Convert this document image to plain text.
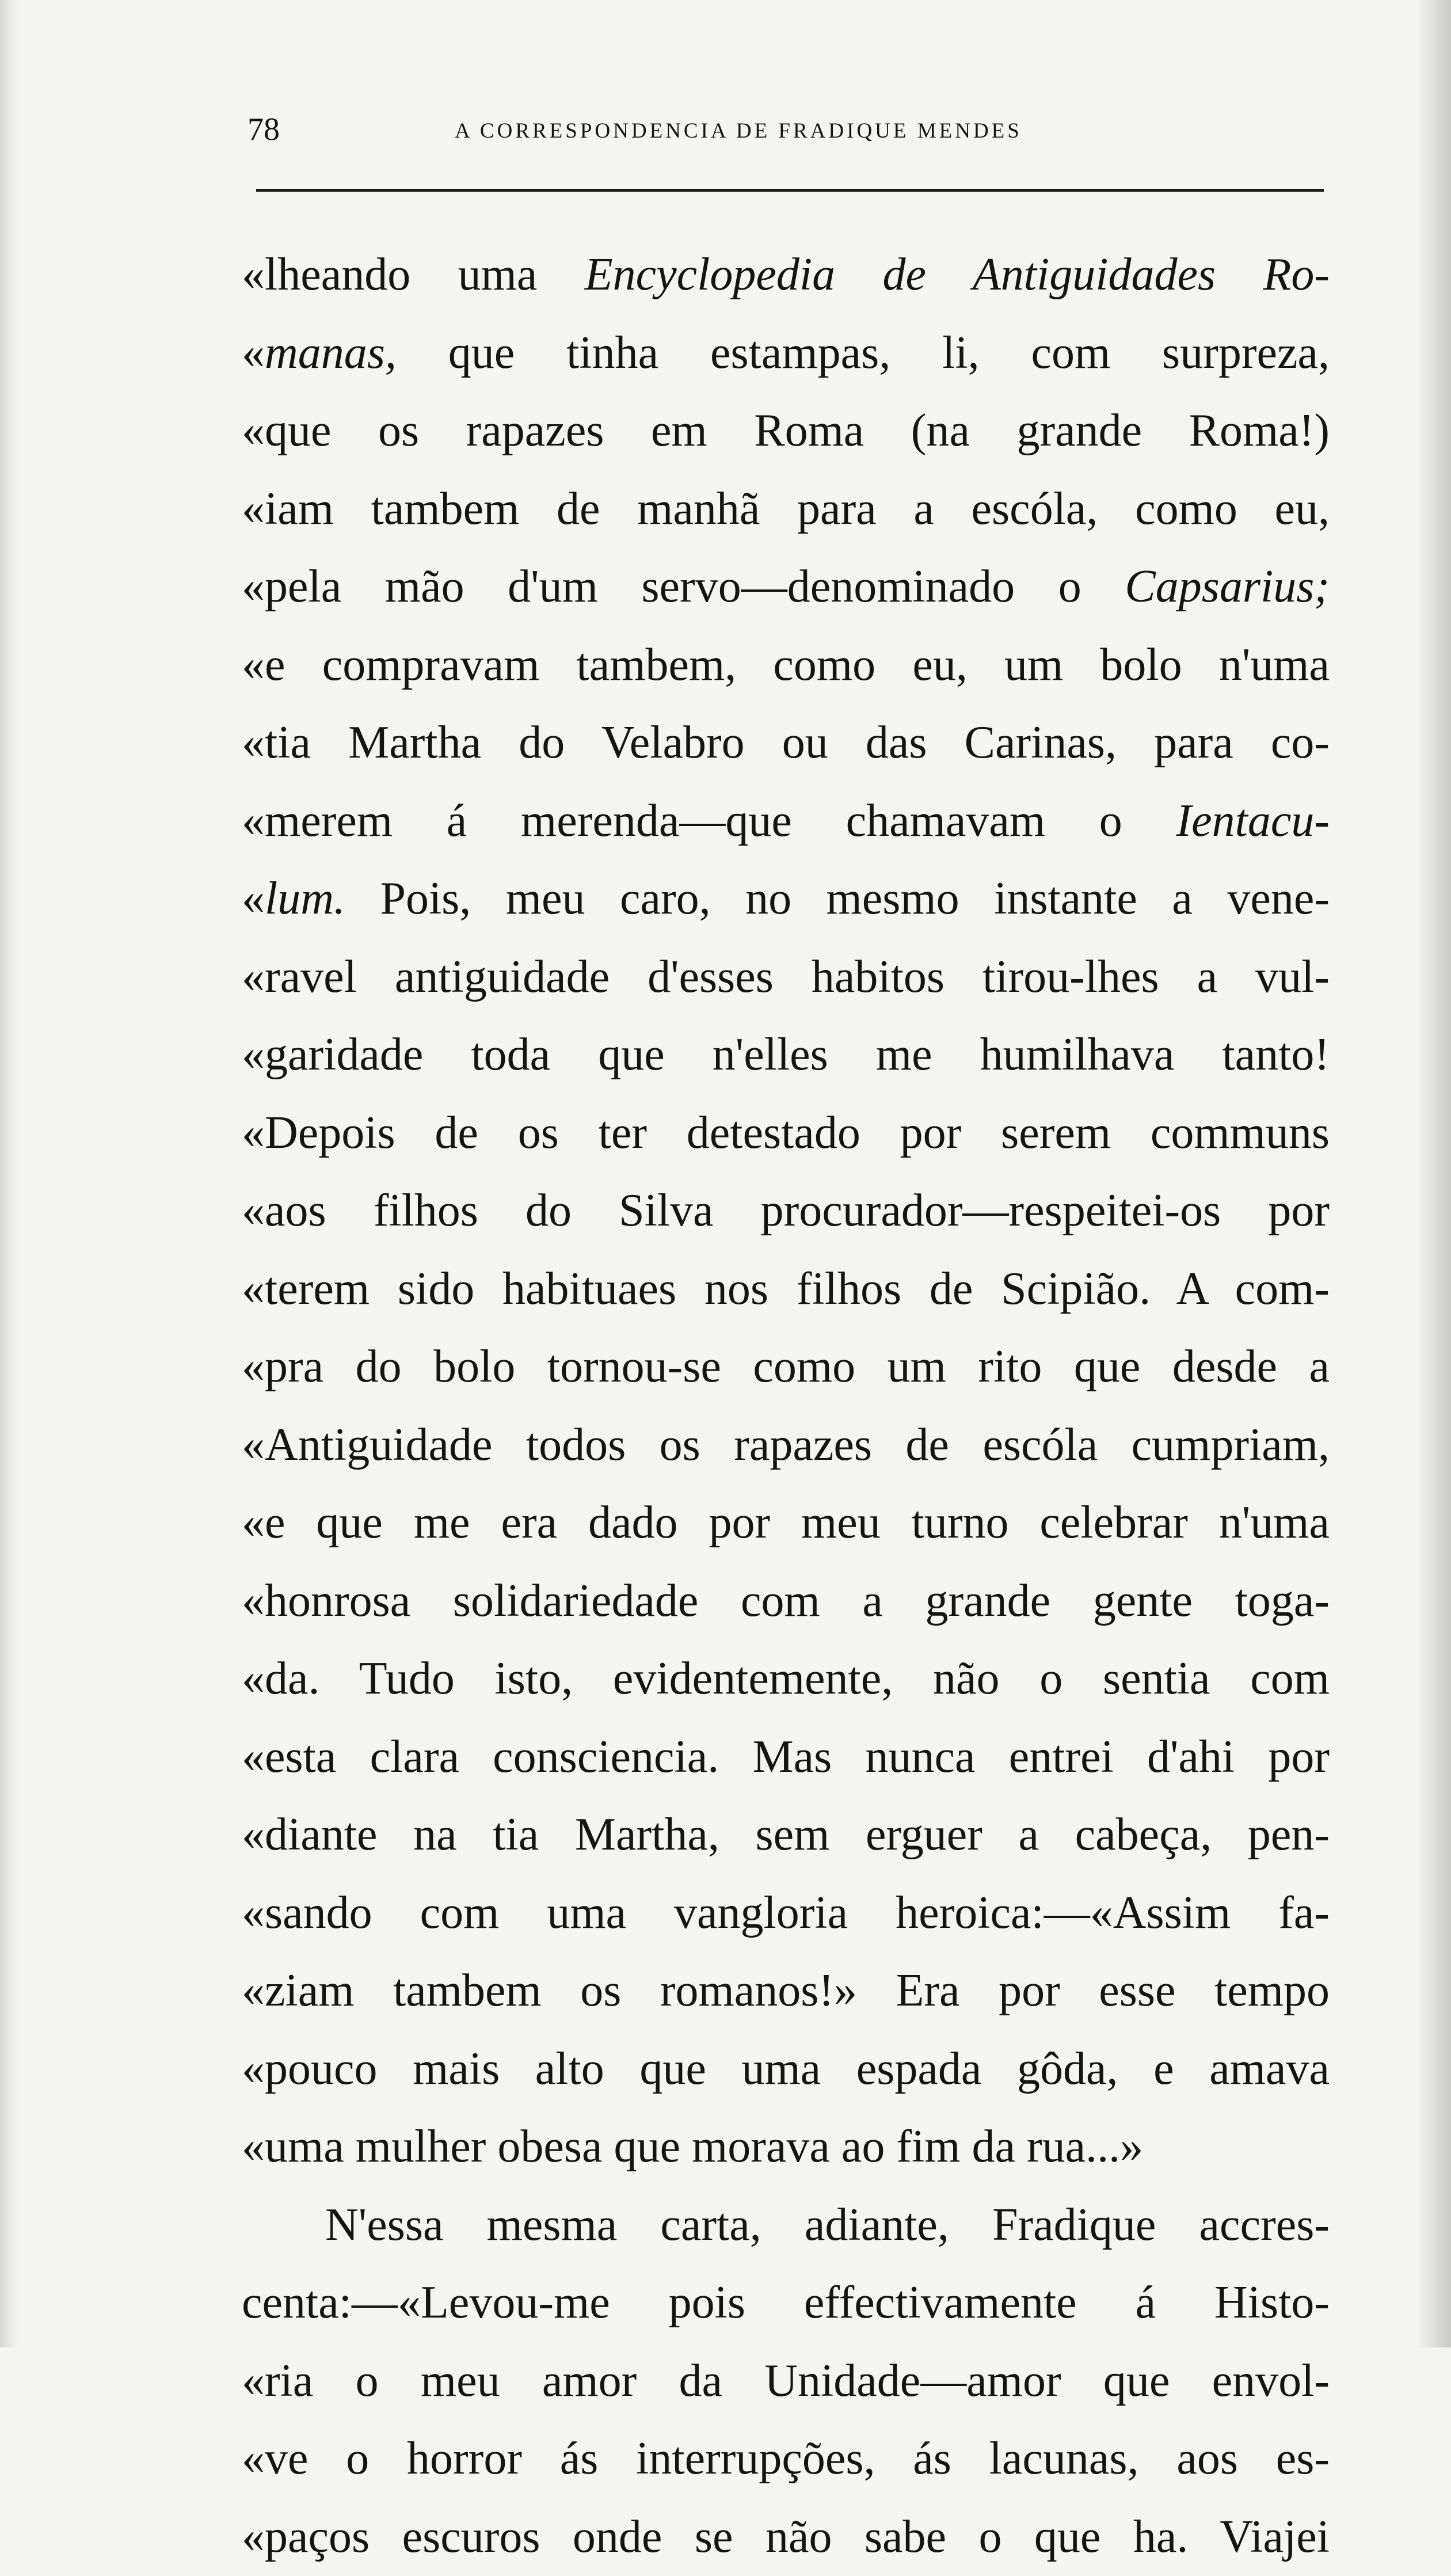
78	A CORRESPONDENCIA DE FRADIQUE MENDES
«lheando uma Encyclopedia de Antiguidades Ro-
«manas, que tinha estampas, li, com surpreza,
«que os rapazes em Roma (na grande Roma!)
«iam tambem de manhã para a escóla, como eu,
«pela mão d'um servo—denominado o Capsarius;
«e compravam tambem, como eu, um bolo n'uma
«tia Martha do Velabro ou das Carinas, para co-
«merem á merenda—que chamavam o Ientacu-
«lum. Pois, meu caro, no mesmo instante a vene-
«ravel antiguidade d'esses habitos tirou-lhes a vul-
«garidade toda que n'elles me humilhava tanto!
«Depois de os ter detestado por serem communs
«aos filhos do Silva procurador—respeitei-os por
«terem sido habituaes nos filhos de Scipião. A com-
«pra do bolo tornou-se como um rito que desde a
«Antiguidade todos os rapazes de escóla cumpriam,
«e que me era dado por meu turno celebrar n'uma
«honrosa solidariedade com a grande gente toga-
«da. Tudo isto, evidentemente, não o sentia com
«esta clara consciencia. Mas nunca entrei d'ahi por
«diante na tia Martha, sem erguer a cabeça, pen-
«sando com uma vangloria heroica:—«Assim fa-
«ziam tambem os romanos!» Era por esse tempo
«pouco mais alto que uma espada gôda, e amava
«uma mulher obesa que morava ao fim da rua...»
N'essa mesma carta, adiante, Fradique accres-
centa:—«Levou-me pois effectivamente á Histo-
«ria o meu amor da Unidade—amor que envol-
«ve o horror ás interrupções, ás lacunas, aos es-
«paços escuros onde se não sabe o que ha. Viajei
